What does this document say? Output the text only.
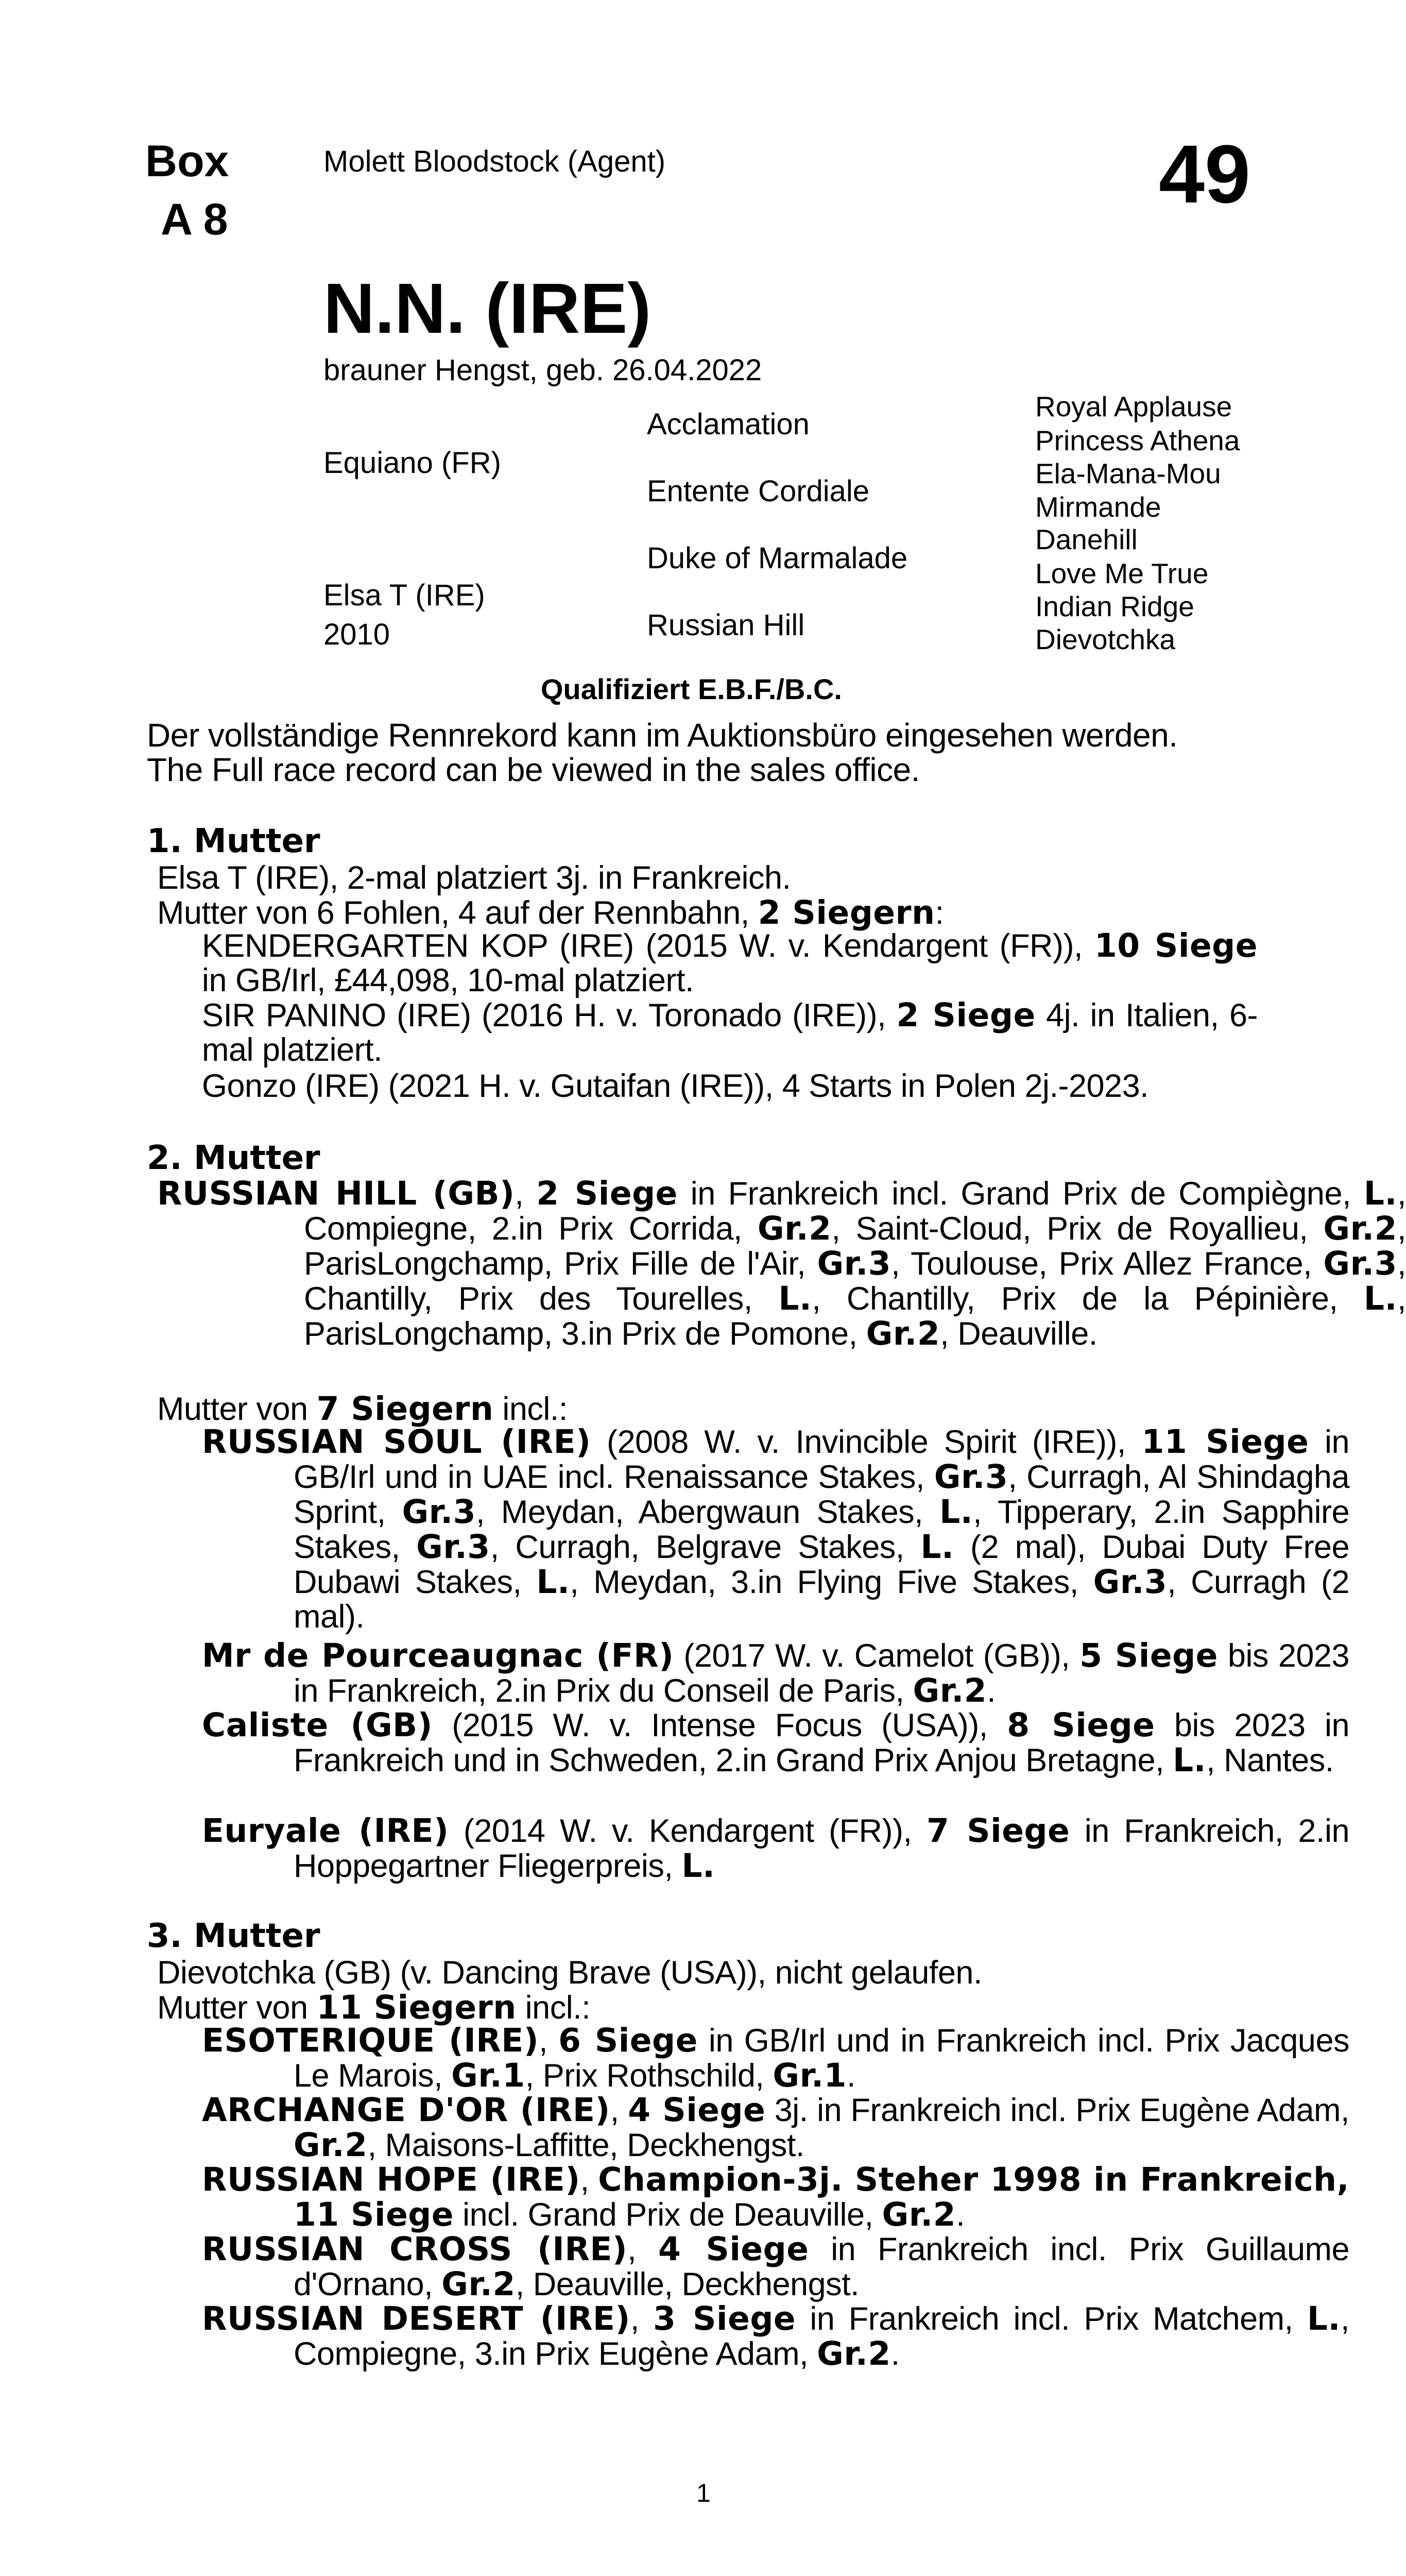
Box
A 8
Molett Bloodstock (Agent)	49
N.N. (IRE)
brauner Hengst, geb. 26.04.2022
Equiano (FR)
Elsa T (IRE)
2010
Acclamation
Entente Cordiale
Duke of Marmalade
Russian Hill
Royal Applause
Princess Athena
Ela-Mana-Mou
Mirmande
Danehill
Love Me True
Indian Ridge
Dievotchka
Qualifiziert E.B.F./B.C.
Der vollständige Rennrekord kann im Auktionsbüro eingesehen werden.
The Full race record can be viewed in the sales office.
1. Mutter
Elsa T (IRE), 2-mal platziert 3j. in Frankreich.
Mutter von 6 Fohlen, 4 auf der Rennbahn, 2 Siegern:
KENDERGARTEN KOP (IRE) (2015 W. v. Kendargent (FR)), 10 Siege in GB/Irl, £44,098, 10-mal platziert.
SIR PANINO (IRE) (2016 H. v. Toronado (IRE)), 2 Siege 4j. in Italien, 6-mal platziert.
Gonzo (IRE) (2021 H. v. Gutaifan (IRE)), 4 Starts in Polen 2j.-2023.
2. Mutter
RUSSIAN HILL (GB), 2 Siege in Frankreich incl. Grand Prix de Compiègne, L., Compiegne, 2.in Prix Corrida, Gr.2, Saint-Cloud, Prix de Royallieu, Gr.2, ParisLongchamp, Prix Fille de l'Air, Gr.3, Toulouse, Prix Allez France, Gr.3, Chantilly, Prix des Tourelles, L., Chantilly, Prix de la Pépinière, L., ParisLongchamp, 3.in Prix de Pomone, Gr.2, Deauville.
Mutter von 7 Siegern incl.:
RUSSIAN SOUL (IRE) (2008 W. v. Invincible Spirit (IRE)), 11 Siege in GB/Irl und in UAE incl. Renaissance Stakes, Gr.3, Curragh, Al Shindagha Sprint, Gr.3, Meydan, Abergwaun Stakes, L., Tipperary, 2.in Sapphire Stakes, Gr.3, Curragh, Belgrave Stakes, L. (2 mal), Dubai Duty Free Dubawi Stakes, L., Meydan, 3.in Flying Five Stakes, Gr.3, Curragh (2 mal).
Mr de Pourceaugnac (FR) (2017 W. v. Camelot (GB)), 5 Siege bis 2023 in Frankreich, 2.in Prix du Conseil de Paris, Gr.2.
Caliste (GB) (2015 W. v. Intense Focus (USA)), 8 Siege bis 2023 in Frankreich und in Schweden, 2.in Grand Prix Anjou Bretagne, L., Nantes.
Euryale (IRE) (2014 W. v. Kendargent (FR)), 7 Siege in Frankreich, 2.in Hoppegartner Fliegerpreis, L.
3. Mutter
Dievotchka (GB) (v. Dancing Brave (USA)), nicht gelaufen.
Mutter von 11 Siegern incl.:
ESOTERIQUE (IRE), 6 Siege in GB/Irl und in Frankreich incl. Prix Jacques Le Marois, Gr.1, Prix Rothschild, Gr.1.
ARCHANGE D'OR (IRE), 4 Siege 3j. in Frankreich incl. Prix Eugène Adam, Gr.2, Maisons-Laffitte, Deckhengst.
RUSSIAN HOPE (IRE), Champion-3j. Steher 1998 in Frankreich, 11 Siege incl. Grand Prix de Deauville, Gr.2.
RUSSIAN CROSS (IRE), 4 Siege in Frankreich incl. Prix Guillaume d'Ornano, Gr.2, Deauville, Deckhengst.
RUSSIAN DESERT (IRE), 3 Siege in Frankreich incl. Prix Matchem, L., Compiegne, 3.in Prix Eugène Adam, Gr.2.
1
